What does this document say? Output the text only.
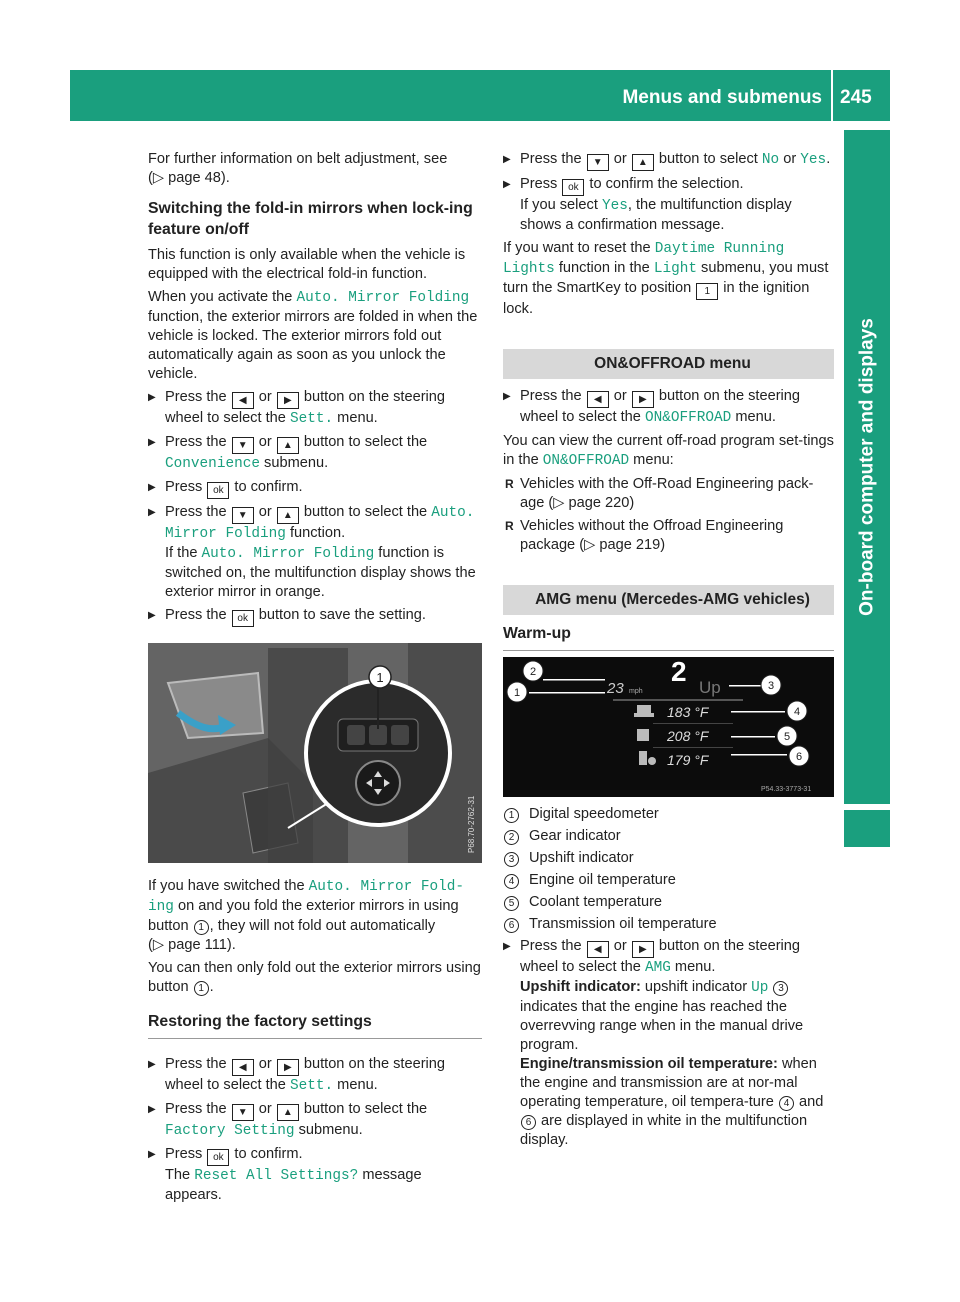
Menus and submenus 245
On-board computer and displays

For further information on belt adjustment, see
(▷ page 48).

Switching the fold-in mirrors when lock-ing feature on/off

This function is only available when the vehicle is equipped with the electrical fold-in function.

When you activate the Auto. Mirror Folding function, the exterior mirrors are folded in when the vehicle is locked. The exterior mirrors fold out automatically again as soon as you unlock the vehicle.

▶ Press the ◀ or ▶ button on the steering wheel to select the Sett. menu.
▶ Press the ▼ or ▲ button to select the Convenience submenu.
▶ Press ok to confirm.
▶ Press the ▼ or ▲ button to select the Auto. Mirror Folding function.
If the Auto. Mirror Folding function is switched on, the multifunction display shows the exterior mirror in orange.
▶ Press the ok button to save the setting.
1
P68.70-2762-31

If you have switched the Auto. Mirror Fold‐ing on and you fold the exterior mirrors in using button 1 , they will not fold out automatically
(▷ page 111).

You can then only fold out the exterior mirrors using button 1 .

Restoring the factory settings
▶ Press the ◀ or ▶ button on the steering wheel to select the Sett. menu.
▶ Press the ▼ or ▲ button to select the Factory Setting submenu.
▶ Press ok to confirm.
The Reset All Settings? message appears.
▶ Press the ▼ or ▲ button to select No or Yes.
▶ Press ok to confirm the selection.
If you select Yes, the multifunction display shows a confirmation message.

If you want to reset the Daytime Running Lights function in the Light submenu, you must turn the SmartKey to position 1 in the ignition lock.

ON&OFFROAD menu
▶ Press the ◀ or ▶ button on the steering wheel to select the ON&OFFROAD menu.

You can view the current off-road program set-tings in the ON&OFFROAD menu:

R Vehicles with the Off-Road Engineering pack-age (▷ page 220)
R Vehicles without the Offroad Engineering package (▷ page 219)
AMG menu (Mercedes-AMG vehicles)
Warm-up
2
23 mph	Up
183 °F
208 °F
179 °F
1
2
3
4
5
6
P54.33-3773-31
1	Digital speedometer
2	Gear indicator
3	Upshift indicator
4	Engine oil temperature
5	Coolant temperature
6	Transmission oil temperature
▶ Press the ◀ or ▶ button on the steering wheel to select the AMG menu.
Upshift indicator: upshift indicator Up 3 indicates that the engine has reached the overrevving range when in the manual drive program.
Engine/transmission oil temperature: when the engine and transmission are at nor-mal operating temperature, oil tempera-ture 4 and 6 are displayed in white in the multifunction display.
